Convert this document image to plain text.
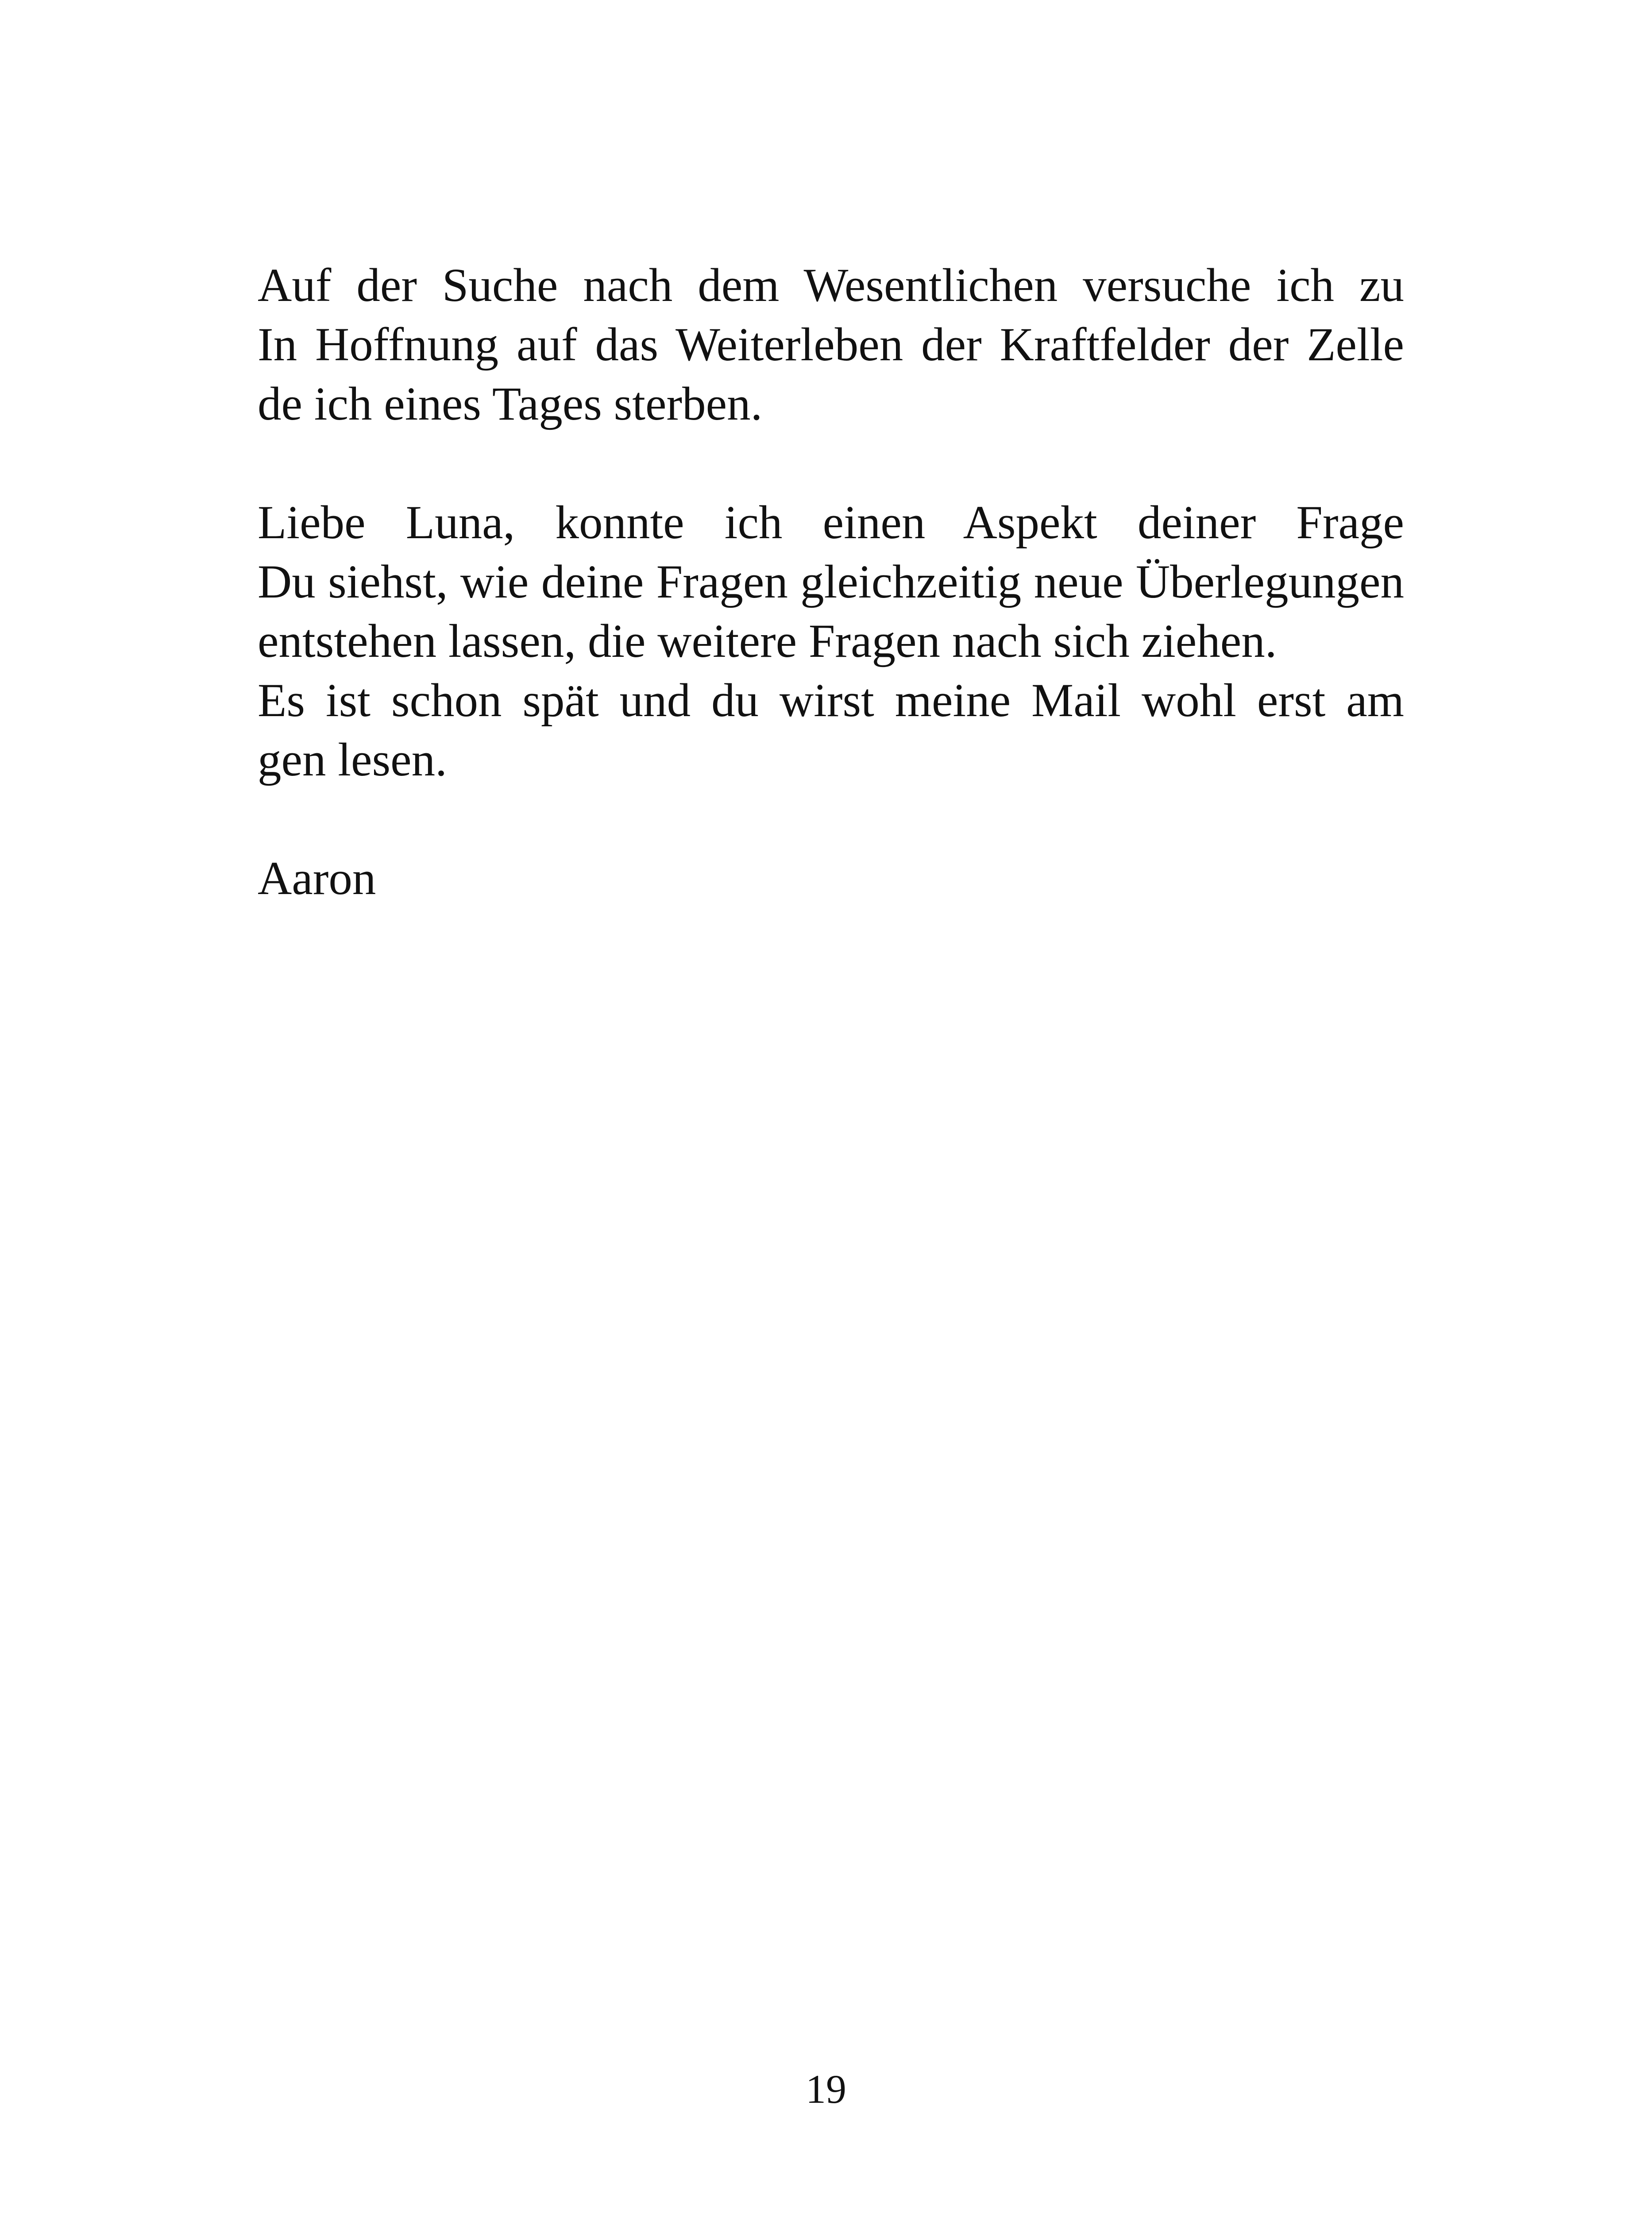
Auf der Suche nach dem Wesentlichen versuche ich zu
In Hoffnung auf das Weiterleben der Kraftfelder der Zelle
de ich eines Tages sterben.
Liebe Luna, konnte ich einen Aspekt deiner Frage
Du siehst, wie deine Fragen gleichzeitig neue Überlegungen
entstehen lassen, die weitere Fragen nach sich ziehen.
Es ist schon spät und du wirst meine Mail wohl erst am
gen lesen.
Aaron
19
